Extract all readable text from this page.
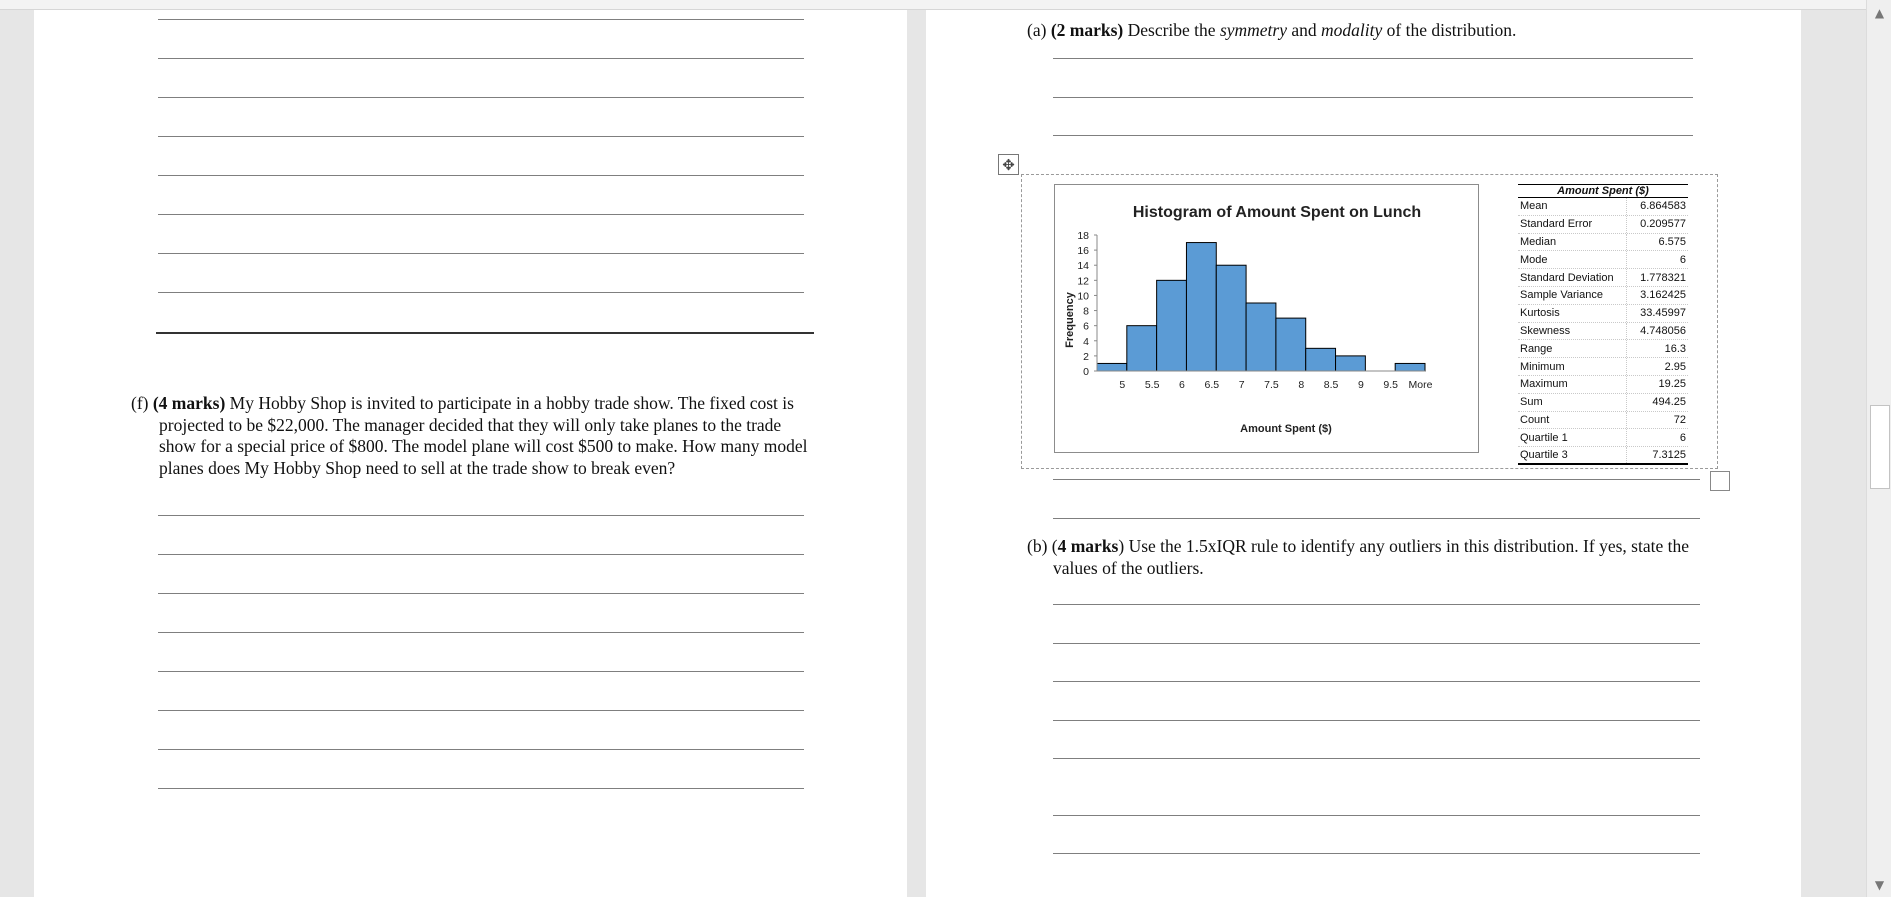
(f) (4 marks) My Hobby Shop is invited to participate in a hobby trade show. The fixed cost is
projected to be $22,000. The manager decided that they will only take planes to the trade
show for a special price of $800. The model plane will cost $500 to make. How many model
planes does My Hobby Shop need to sell at the trade show to break even?
(a) (2 marks) Describe the symmetry and modality of the distribution.
✥
Histogram of Amount Spent on Lunch
Amount Spent ($)
Frequency
0
2
4
6
8
10
12
14
16
18
5 5.5 6 6.5 7 7.5 8 8.5 9 9.5 More
Amount Spent ($)
Mean	6.864583
Standard Error	0.209577
Median	6.575
Mode	6
Standard Deviation	1.778321
Sample Variance	3.162425
Kurtosis	33.45997
Skewness	4.748056
Range	16.3
Minimum	2.95
Maximum	19.25
Sum	494.25
Count	72
Quartile 1	6
Quartile 3	7.3125
(b) (4 marks) Use the 1.5xIQR rule to identify any outliers in this distribution. If yes, state the
values of the outliers.
▲
▼
